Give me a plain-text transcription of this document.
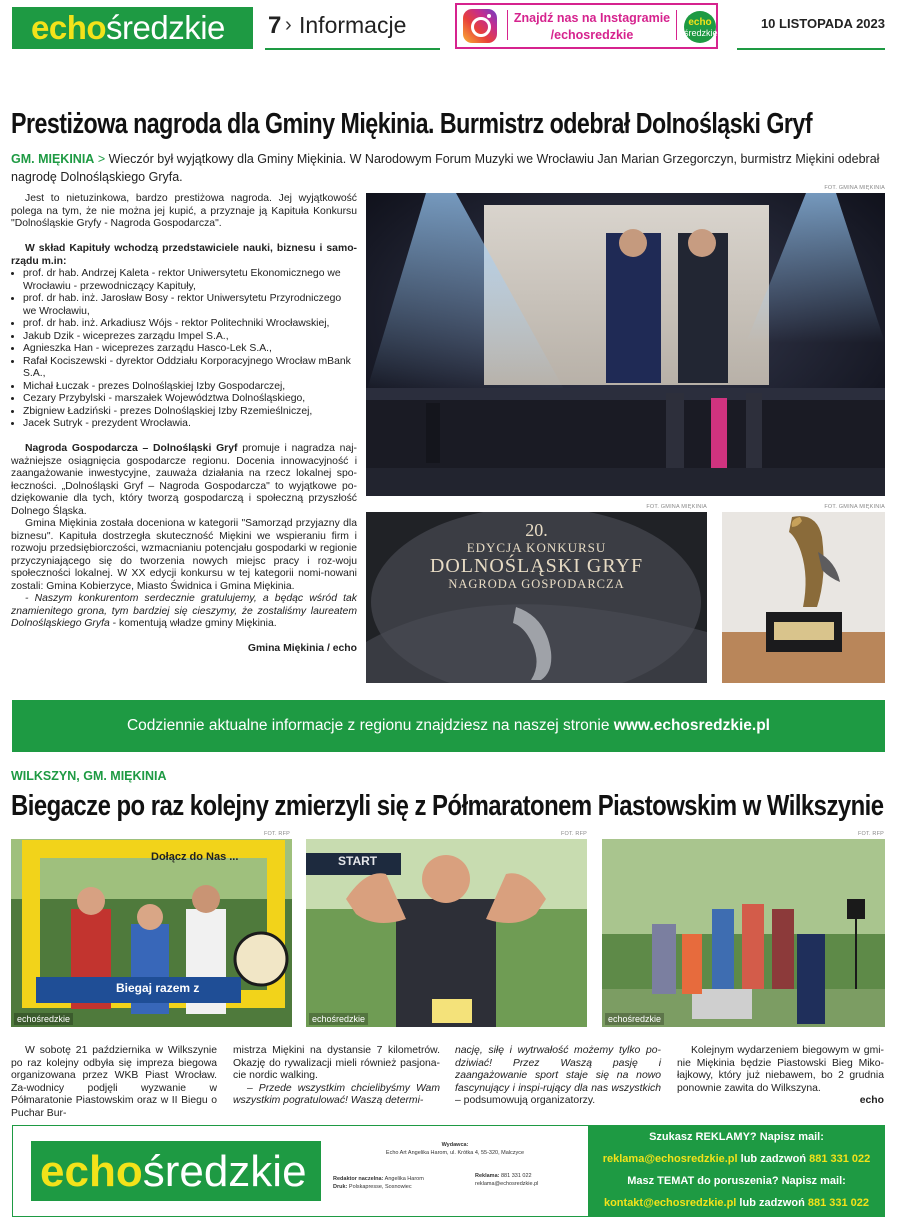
echośredzkie 7 › Informacje	Znajdź nas na Instagramie
/echosredzkie
echo
średzkie
10 LISTOPADA 2023
Prestiżowa nagroda dla Gminy Miękinia. Burmistrz odebrał Dolnośląski Gryf
GM. MIĘKINIA > Wieczór był wyjątkowy dla Gminy Miękinia. W Narodowym Forum Muzyki we Wrocławiu Jan Marian Grzegorczyn, burmistrz Miękini odebrał nagrodę Dolnośląskiego Gryfa.

Jest to nietuzinkowa, bardzo prestiżowa nagroda. Jej wyjątkowość polega na tym, że nie można jej kupić, a przyznaje ją Kapituła Konkursu "Dolnośląskie Gryfy - Nagroda Gospodarcza".

W skład Kapituły wchodzą przedstawiciele nauki, biznesu i samo-rządu m.in:

• prof. dr hab. Andrzej Kaleta - rektor Uniwersytetu Ekonomicznego we Wrocławiu - przewodniczący Kapituły,
• prof. dr hab. inż. Jarosław Bosy - rektor Uniwersytetu Przyrodniczego we Wrocławiu,
• prof. dr hab. inż. Arkadiusz Wójs - rektor Politechniki Wrocławskiej,
• Jakub Dzik - wiceprezes zarządu Impel S.A.,
• Agnieszka Han - wiceprezes zarządu Hasco-Lek S.A.,
• Rafał Kociszewski - dyrektor Oddziału Korporacyjnego Wrocław mBank S.A.,
• Michał Łuczak - prezes Dolnośląskiej Izby Gospodarczej,
• Cezary Przybylski - marszałek Województwa Dolnośląskiego,
• Zbigniew Ładziński - prezes Dolnośląskiej Izby Rzemieślniczej,
• Jacek Sutryk - prezydent Wrocławia.

Nagroda Gospodarcza – Dolnośląski Gryf promuje i nagradza naj-ważniejsze osiągnięcia gospodarcze regionu. Docenia innowacyjność i zaangażowanie inwestycyjne, zauważa działania na rzecz lokalnej spo-łeczności. „Dolnośląski Gryf – Nagroda Gospodarcza" to wyjątkowe po-dziękowanie dla tych, który tworzą gospodarczą i społeczną przyszłość Dolnego Śląska.

Gmina Miękinia została doceniona w kategorii "Samorząd przyjazny dla biznesu". Kapituła dostrzegła skuteczność Miękini we wspieraniu firm i rozwoju przedsiębiorczości, wzmacnianiu potencjału gospodarki w regionie przyczyniającego się do tworzenia nowych miejsc pracy i roz-woju społeczności lokalnej. W XX edycji konkursu w tej kategorii nomi-nowani zostali: Gmina Kobierzyce, Miasto Świdnica i Gmina Miękinia.

- Naszym konkurentom serdecznie gratulujemy, a będąc wśród tak znamienitego grona, tym bardziej się cieszymy, że zostaliśmy laureatem Dolnośląskiego Gryfa - komentują władze gminy Miękinia.

Gmina Miękinia / echo

FOT. GMINA MIĘKINIA
FOT. GMINA MIĘKINIA
20.
EDYCJA KONKURSU
DOLNOŚLĄSKI GRYF
NAGRODA GOSPODARCZA
FOT. GMINA MIĘKINIA
Codziennie aktualne informacje z regionu znajdziesz na naszej stronie www.echosredzkie.pl
WILKSZYN, GM. MIĘKINIA
Biegacze po raz kolejny zmierzyli się z Półmaratonem Piastowskim w Wilkszynie
FOT. RFP
Dołącz do Nas ...
Biegaj razem z
echośredzkie
FOT. RFP
START
echośredzkie
FOT. RFP
echośredzkie

W sobotę 21 października w Wilkszynie po raz kolejny odbyła się impreza biegowa organizowana przez WKB Piast Wrocław. Za-wodnicy podjęli wyzwanie w Półmaratonie Piastowskim oraz w II Biegu o Puchar Bur-

mistrza Miękini na dystansie 7 kilometrów. Okazję do rywalizacji mieli również pasjona-cie nordic walking.

– Przede wszystkim chcielibyśmy Wam wszystkim pogratulować! Waszą determi-

nację, siłę i wytrwałość możemy tylko po-dziwiać! Przez Waszą pasję i zaangażowanie sport staje się na nowo fascynujący i inspi-rujący dla nas wszystkich – podsumowują organizatorzy.

Kolejnym wydarzeniem biegowym w gmi-nie Miękinia będzie Piastowski Bieg Miko-łajkowy, który już niebawem, bo 2 grudnia ponownie zawita do Wilkszyna.

echo

echośredzkie
Wydawca:
Echo Art Angelika Harom, ul. Krótka 4, 55-320, Malczyce
Redaktor naczelna: Angelika Harom
Druk: Polskapresse, Sosnowiec
Reklama: 881 331 022
reklama@echosredzkie.pl
Szukasz REKLAMY? Napisz mail:
reklama@echosredzkie.pl lub zadzwoń 881 331 022
Masz TEMAT do poruszenia? Napisz mail:
kontakt@echosredzkie.pl lub zadzwoń 881 331 022
